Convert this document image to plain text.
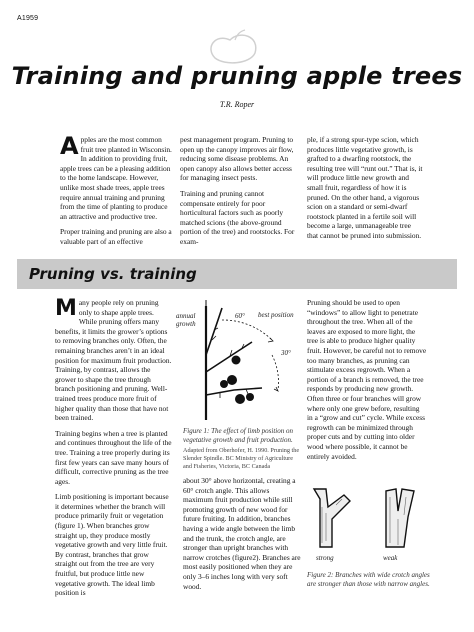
A1959
Training and pruning apple trees
T.R. Roper

Apples are the most common fruit tree planted in Wisconsin. In addition to providing fruit, apple trees can be a pleasing addition to the home landscape. However, unlike most shade trees, apple trees require annual training and pruning from the time of planting to produce an attractive and productive tree.

Proper training and pruning are also a valuable part of an effective

pest management program. Pruning to open up the canopy improves air flow, reducing some disease problems. An open canopy also allows better access for managing insect pests.

Training and pruning cannot compensate entirely for poor horticultural factors such as poorly matched scions (the above-ground portion of the tree) and rootstocks. For exam-

ple, if a strong spur-type scion, which produces little vegetative growth, is grafted to a dwarfing rootstock, the resulting tree will “runt out.” That is, it will produce little new growth and small fruit, regardless of how it is pruned. On the other hand, a vigorous scion on a standard or semi-dwarf rootstock planted in a fertile soil will become a large, unmanageable tree that cannot be pruned into submission.

Pruning vs. training

Many people rely on pruning only to shape apple trees. While pruning offers many benefits, it limits the grower’s options to removing branches only. Often, the remaining branches aren’t in an ideal position for maximum fruit production. Training, by contrast, allows the grower to shape the tree through branch positioning and pruning. Well-trained trees produce more fruit of higher quality than those that have not been trained.

Training begins when a tree is planted and continues throughout the life of the tree. Training a tree properly during its first few years can save many hours of difficult, corrective pruning as the tree ages.

Limb positioning is important because it determines whether the branch will produce primarily fruit or vegetation (figure 1). When branches grow straight up, they produce mostly vegetative growth and very little fruit. By contrast, branches that grow straight out from the tree are very fruitful, but produce little new vegetative growth. The ideal limb position is

annual growth
60° best position
30°
Figure 1: The effect of limb position on vegetative growth and fruit production.
Adapted from Oberhofer, H. 1990. Pruning the Slender Spindle. BC Ministry of Agriculture and Fisheries, Victoria, BC Canada

about 30° above horizontal, creating a 60° crotch angle. This allows maximum fruit production while still promoting growth of new wood for future fruiting. In addition, branches having a wide angle between the limb and the trunk, the crotch angle, are stronger than upright branches with narrow crotches (figure2). Branches are most easily positioned when they are only 3–6 inches long with very soft wood.

Pruning should be used to open “windows” to allow light to penetrate throughout the tree. When all of the leaves are exposed to more light, the tree is able to produce higher quality fruit. However, be careful not to remove too many branches, as pruning can stimulate excess regrowth. When a portion of a branch is removed, the tree responds by producing new growth. Often three or four branches will grow where only one grew before, resulting in a “grow and cut” cycle. While excess regrowth can be minimized through proper cuts and by cutting into older wood where possible, it cannot be entirely avoided.

strong	weak
Figure 2: Branches with wide crotch angles are stronger than those with narrow angles.
